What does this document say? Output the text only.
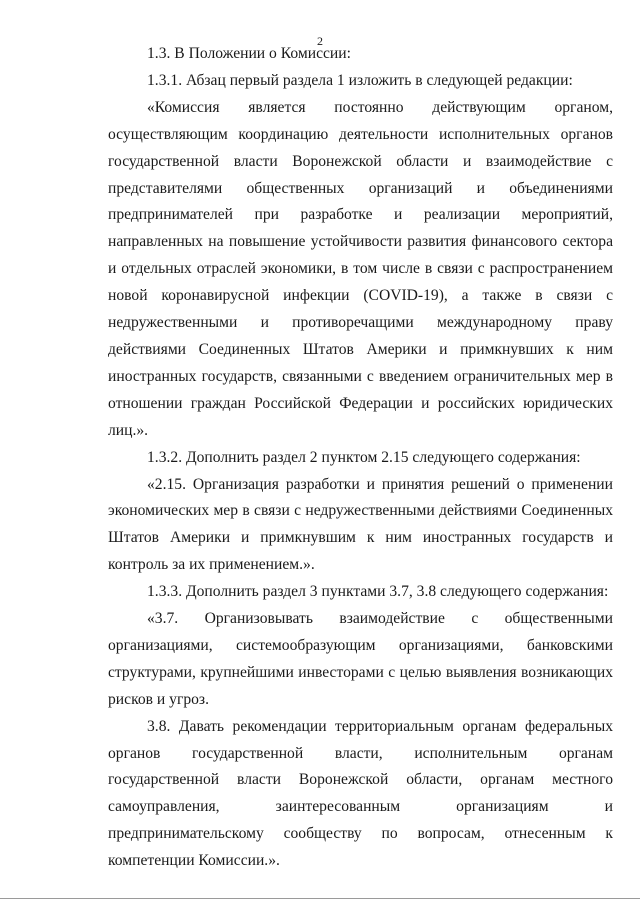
2

1.3. В Положении о Комиссии:

1.3.1. Абзац первый раздела 1 изложить в следующей редакции:

«Комиссия является постоянно действующим органом, осуществляющим координацию деятельности исполнительных органов государственной власти Воронежской области и взаимодействие с представителями общественных организаций и объединениями предпринимателей при разработке и реализации мероприятий, направленных на повышение устойчивости развития финансового сектора и отдельных отраслей экономики, в том числе в связи с распространением новой коронавирусной инфекции (COVID-19), а также в связи с недружественными и противоречащими международному праву действиями Соединенных Штатов Америки и примкнувших к ним иностранных государств, связанными с введением ограничительных мер в отношении граждан Российской Федерации и российских юридических лиц.».

1.3.2. Дополнить раздел 2 пунктом 2.15 следующего содержания:

«2.15. Организация разработки и принятия решений о применении экономических мер в связи с недружественными действиями Соединенных Штатов Америки и примкнувшим к ним иностранных государств и контроль за их применением.».

1.3.3. Дополнить раздел 3 пунктами 3.7, 3.8 следующего содержания:

«3.7. Организовывать взаимодействие с общественными организациями, системообразующим организациями, банковскими структурами, крупнейшими инвесторами с целью выявления возникающих рисков и угроз.

3.8. Давать рекомендации территориальным органам федеральных органов государственной власти, исполнительным органам государственной власти Воронежской области, органам местного самоуправления, заинтересованным организациям и предпринимательскому сообществу по вопросам, отнесенным к компетенции Комиссии.».
